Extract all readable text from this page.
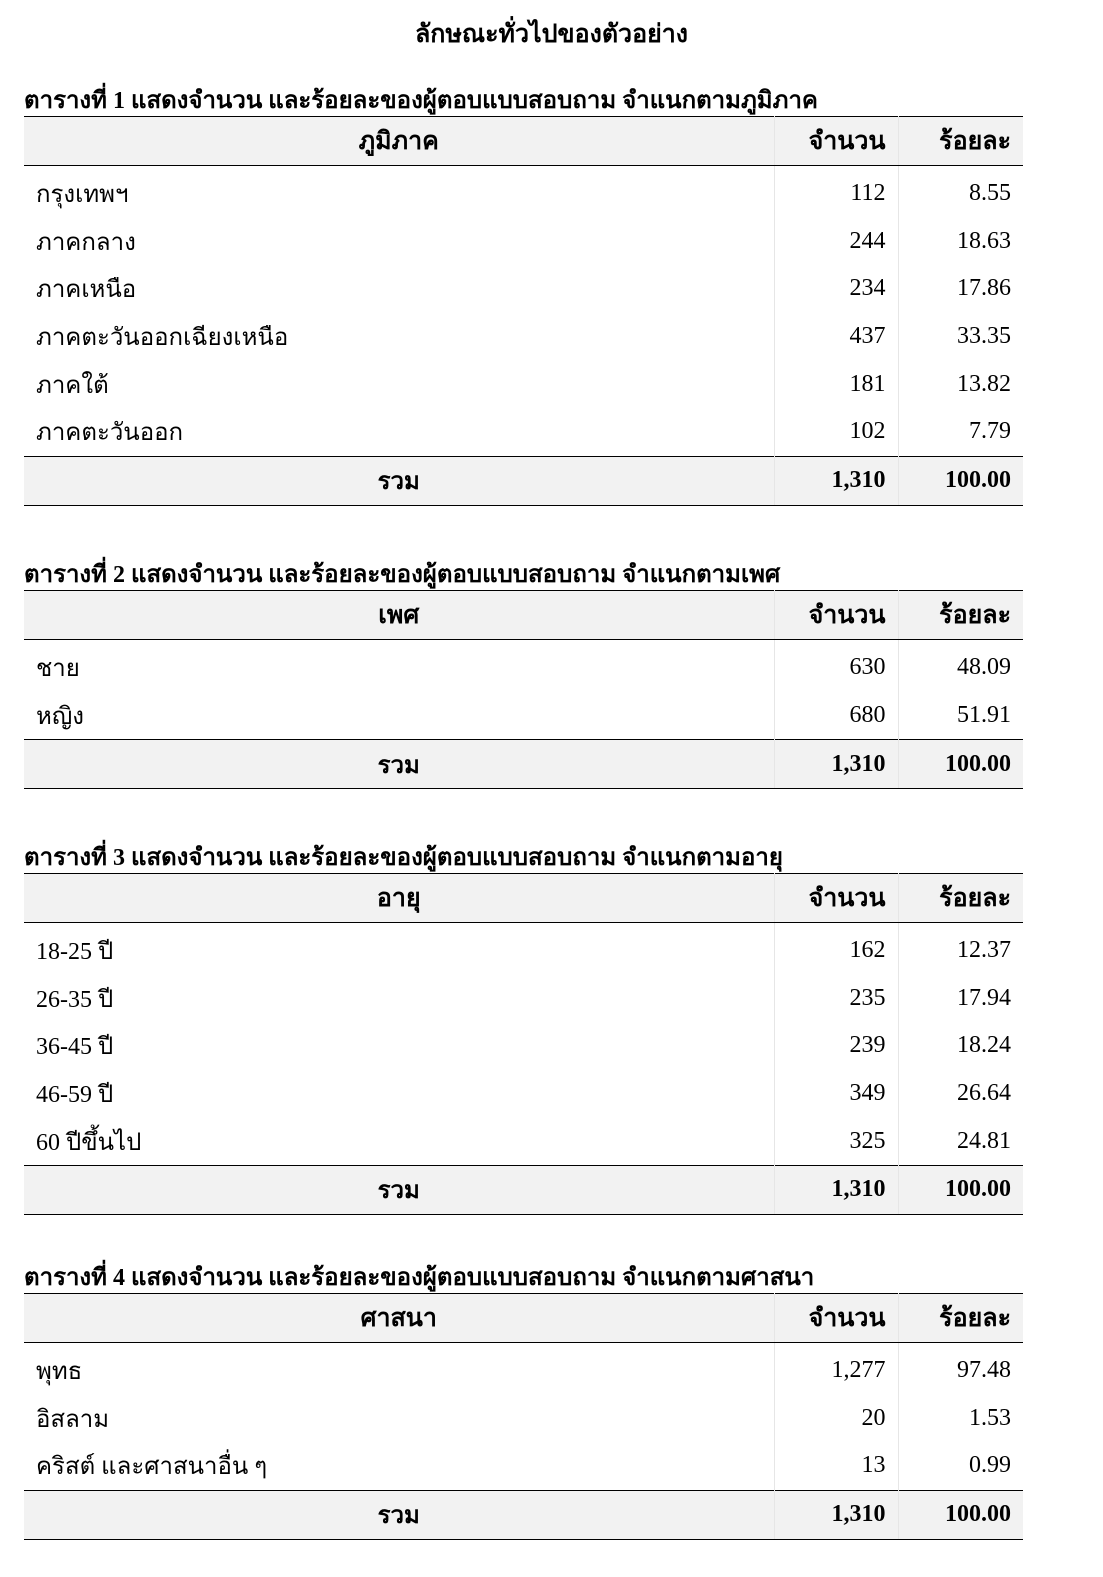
ลักษณะทั่วไปของตัวอย่าง
ตารางที่ 1 แสดงจำนวน และร้อยละของผู้ตอบแบบสอบถาม จำแนกตามภูมิภาค
ภูมิภาค	จำนวน	ร้อยละ
กรุงเทพฯ	112	8.55
ภาคกลาง	244	18.63
ภาคเหนือ	234	17.86
ภาคตะวันออกเฉียงเหนือ	437	33.35
ภาคใต้	181	13.82
ภาคตะวันออก	102	7.79
รวม	1,310	100.00
ตารางที่ 2 แสดงจำนวน และร้อยละของผู้ตอบแบบสอบถาม จำแนกตามเพศ
เพศ	จำนวน	ร้อยละ
ชาย	630	48.09
หญิง	680	51.91
รวม	1,310	100.00
ตารางที่ 3 แสดงจำนวน และร้อยละของผู้ตอบแบบสอบถาม จำแนกตามอายุ
อายุ	จำนวน	ร้อยละ
18-25 ปี	162	12.37
26-35 ปี	235	17.94
36-45 ปี	239	18.24
46-59 ปี	349	26.64
60 ปีขึ้นไป	325	24.81
รวม	1,310	100.00
ตารางที่ 4 แสดงจำนวน และร้อยละของผู้ตอบแบบสอบถาม จำแนกตามศาสนา
ศาสนา	จำนวน	ร้อยละ
พุทธ	1,277	97.48
อิสลาม	20	1.53
คริสต์ และศาสนาอื่น ๆ	13	0.99
รวม	1,310	100.00
